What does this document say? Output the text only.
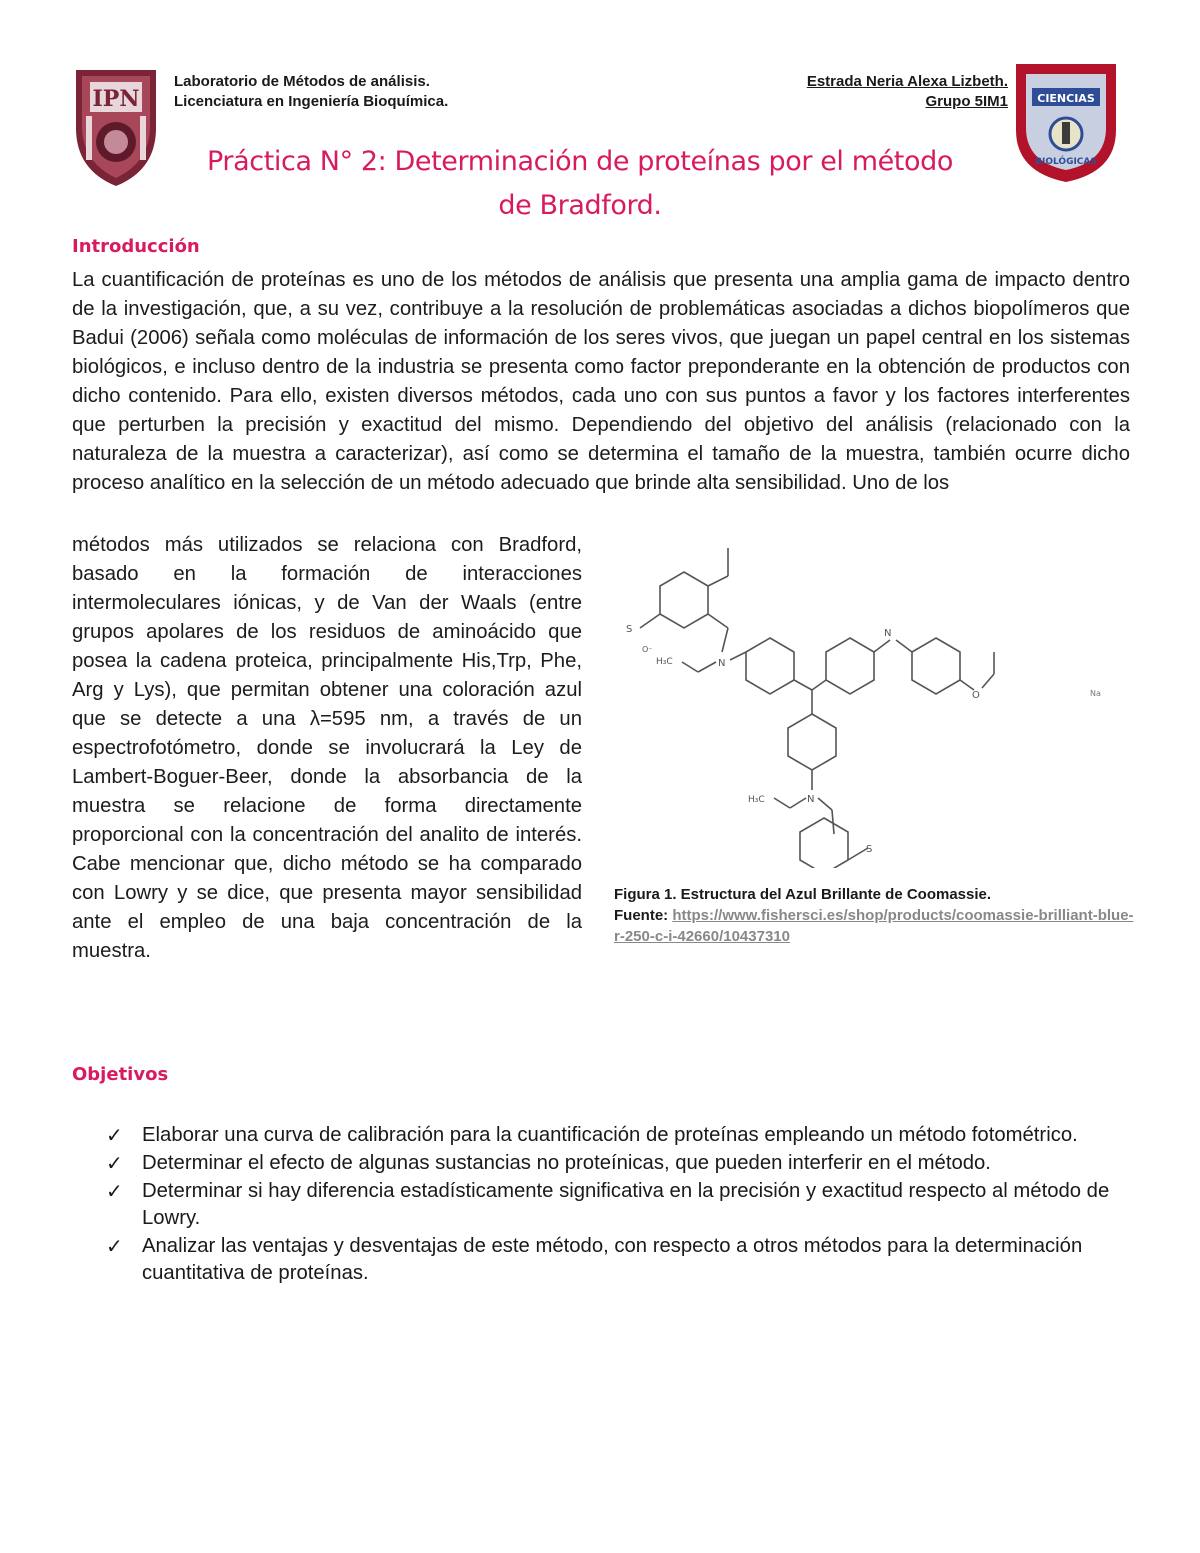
IPN	CIENCIAS
BIOLÓGICAS
Laboratorio de Métodos de análisis.
Licenciatura en Ingeniería Bioquímica.
Estrada Neria Alexa Lizbeth.
Grupo 5IM1
Práctica N° 2: Determinación de proteínas por el método
de Bradford.
Introducción

La cuantificación de proteínas es uno de los métodos de análisis que presenta una amplia gama de impacto dentro de la investigación, que, a su vez, contribuye a la resolución de problemáticas asociadas a dichos biopolímeros que Badui (2006) señala como moléculas de información de los seres vivos, que juegan un papel central en los sistemas biológicos, e incluso dentro de la industria se presenta como factor preponderante en la obtención de productos con dicho contenido. Para ello, existen diversos métodos, cada uno con sus puntos a favor y los factores interferentes que perturben la precisión y exactitud del mismo. Dependiendo del objetivo del análisis (relacionado con la naturaleza de la muestra a caracterizar), así como se determina el tamaño de la muestra, también ocurre dicho proceso analítico en la selección de un método adecuado que brinde alta sensibilidad. Uno de los

métodos más utilizados se relaciona con Bradford, basado en la formación de interacciones intermoleculares iónicas, y de Van der Waals (entre grupos apolares de los residuos de aminoácido que posea la cadena proteica, principalmente His,Trp, Phe, Arg y Lys), que permitan obtener una coloración azul que se detecte a una λ=595 nm, a través de un espectrofotómetro, donde se involucrará la Ley de Lambert-Boguer-Beer, donde la absorbancia de la muestra se relacione de forma directamente proporcional con la concentración del analito de interés. Cabe mencionar que, dicho método se ha comparado con Lowry y se dice, que presenta mayor sensibilidad ante el empleo de una baja concentración de la muestra.

S
N
H₃C
N
O	Na
N
H₃C
S
O⁻
Figura 1. Estructura del Azul Brillante de Coomassie.
Fuente: https://www.fishersci.es/shop/products/coomassie-brilliant-blue-r-250-c-i-42660/10437310
Objetivos
✓ Elaborar una curva de calibración para la cuantificación de proteínas empleando un método fotométrico.
✓ Determinar el efecto de algunas sustancias no proteínicas, que pueden interferir en el método.
✓ Determinar si hay diferencia estadísticamente significativa en la precisión y exactitud respecto al método de Lowry.
✓ Analizar las ventajas y desventajas de este método, con respecto a otros métodos para la determinación cuantitativa de proteínas.
